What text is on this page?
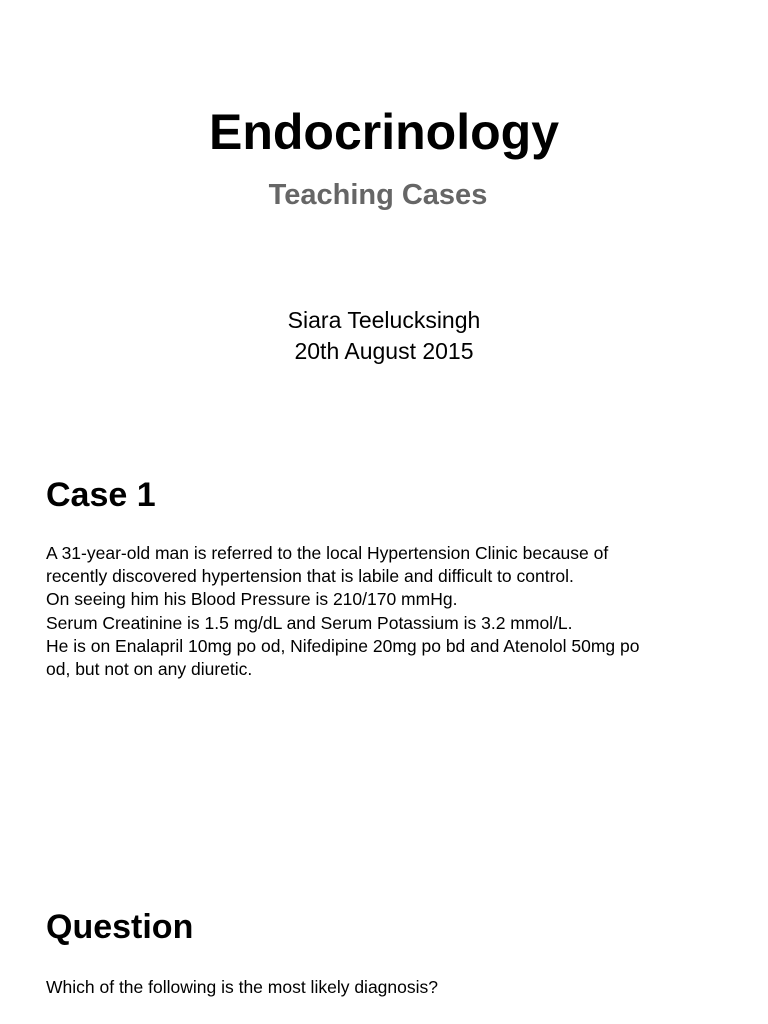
Endocrinology
Teaching Cases
Siara Teelucksingh
20th August 2015
Case 1
A 31-year-old man is referred to the local Hypertension Clinic because of
recently discovered hypertension that is labile and difficult to control.
On seeing him his Blood Pressure is 210/170 mmHg.
Serum Creatinine is 1.5 mg/dL and Serum Potassium is 3.2 mmol/L.
He is on Enalapril 10mg po od, Nifedipine 20mg po bd and Atenolol 50mg po
od, but not on any diuretic.
Question
Which of the following is the most likely diagnosis?
